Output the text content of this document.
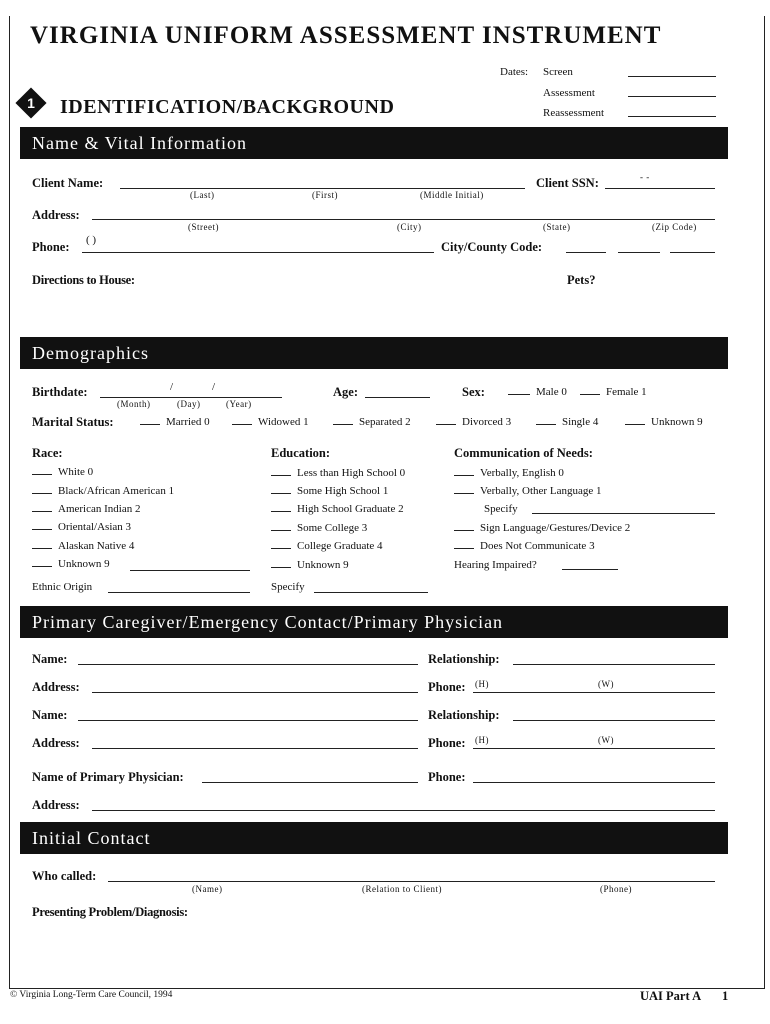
VIRGINIA UNIFORM ASSESSMENT INSTRUMENT
Dates: Screen
Assessment
Reassessment
1	IDENTIFICATION/BACKGROUND
Name & Vital Information
Client Name:
(Last)	(First)	(Middle Initial)
Client SSN:	- -
Address:
(Street)	(City)	(State)	(Zip Code)
Phone: ( )	City/County Code:
Directions to House:	Pets?
Demographics
Birthdate:	/	/
(Month)	(Day)	(Year)
Age:	Sex:	Male 0	Female 1
Marital Status:	Married 0	Widowed 1	Separated 2	Divorced 3	Single 4	Unknown 9
Race:
White 0
Black/African American 1
American Indian 2
Oriental/Asian 3
Alaskan Native 4
Unknown 9
Ethnic Origin
Education:
Less than High School 0
Some High School 1
High School Graduate 2
Some College 3
College Graduate 4
Unknown 9
Specify
Communication of Needs:
Verbally, English 0
Verbally, Other Language 1
Specify
Sign Language/Gestures/Device 2
Does Not Communicate 3
Hearing Impaired?
Primary Caregiver/Emergency Contact/Primary Physician
Name:	Relationship:
Address:	Phone: (H)	(W)
Name:	Relationship:
Address:	Phone: (H)	(W)
Name of Primary Physician:	Phone:
Address:
Initial Contact
Who called:
(Name)	(Relation to Client)	(Phone)
Presenting Problem/Diagnosis:
© Virginia Long-Term Care Council, 1994	UAI Part A 1
